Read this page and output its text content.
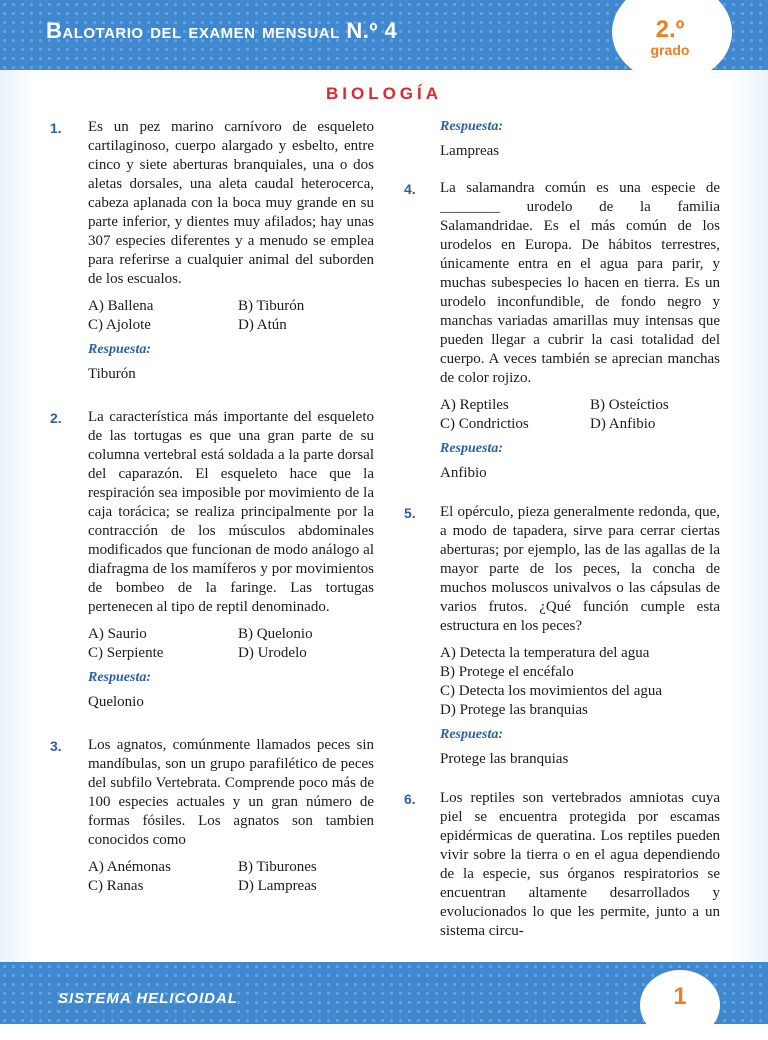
Balotario del examen mensual N.º 4	2.º
grado
BIOLOGÍA
1. Es un pez marino carnívoro de esqueleto cartilaginoso, cuerpo alargado y esbelto, entre cinco y siete aberturas branquiales, una o dos aletas dorsales, una aleta caudal heterocerca, cabeza aplanada con la boca muy grande en su parte inferior, y dientes muy afilados; hay unas 307 especies diferentes y a menudo se emplea para referirse a cualquier animal del suborden de los escualos.

A) Ballena	B) Tiburón
C) Ajolote	D) Atún
Respuesta:
Tiburón
2. La característica más importante del esqueleto de las tortugas es que una gran parte de su columna vertebral está soldada a la parte dorsal del caparazón. El esqueleto hace que la respiración sea imposible por movimiento de la caja torácica; se realiza principalmente por la contracción de los músculos abdominales modificados que funcionan de modo análogo al diafragma de los mamíferos y por movimientos de bombeo de la faringe. Las tortugas pertenecen al tipo de reptil denominado.

A) Saurio	B) Quelonio
C) Serpiente	D) Urodelo
Respuesta:
Quelonio
3. Los agnatos, comúnmente llamados peces sin mandíbulas, son un grupo parafilético de peces del subfilo Vertebrata. Comprende poco más de 100 especies actuales y un gran número de formas fósiles. Los agnatos son tambien conocidos como

A) Anémonas	B) Tiburones
C) Ranas	D) Lampreas
Respuesta:
Lampreas
4. La salamandra común es una especie de ________ urodelo de la familia Salamandridae. Es el más común de los urodelos en Europa. De hábitos terrestres, únicamente entra en el agua para parir, y muchas subespecies lo hacen en tierra. Es un urodelo inconfundible, de fondo negro y manchas variadas amarillas muy intensas que pueden llegar a cubrir la casi totalidad del cuerpo. A veces también se aprecian manchas de color rojizo.

A) Reptiles	B) Osteíctios
C) Condrictios	D) Anfibio
Respuesta:
Anfibio
5. El opérculo, pieza generalmente redonda, que, a modo de tapadera, sirve para cerrar ciertas aberturas; por ejemplo, las de las agallas de la mayor parte de los peces, la concha de muchos moluscos univalvos o las cápsulas de varios frutos. ¿Qué función cumple esta estructura en los peces?

A) Detecta la temperatura del agua
B) Protege el encéfalo
C) Detecta los movimientos del agua
D) Protege las branquias
Respuesta:
Protege las branquias
6. Los reptiles son vertebrados amniotas cuya piel se encuentra protegida por escamas epidérmicas de queratina. Los reptiles pueden vivir sobre la tierra o en el agua dependiendo de la especie, sus órganos respiratorios se encuentran altamente desarrollados y evolucionados lo que les permite, junto a un sistema circu-

SISTEMA HELICOIDAL	1
